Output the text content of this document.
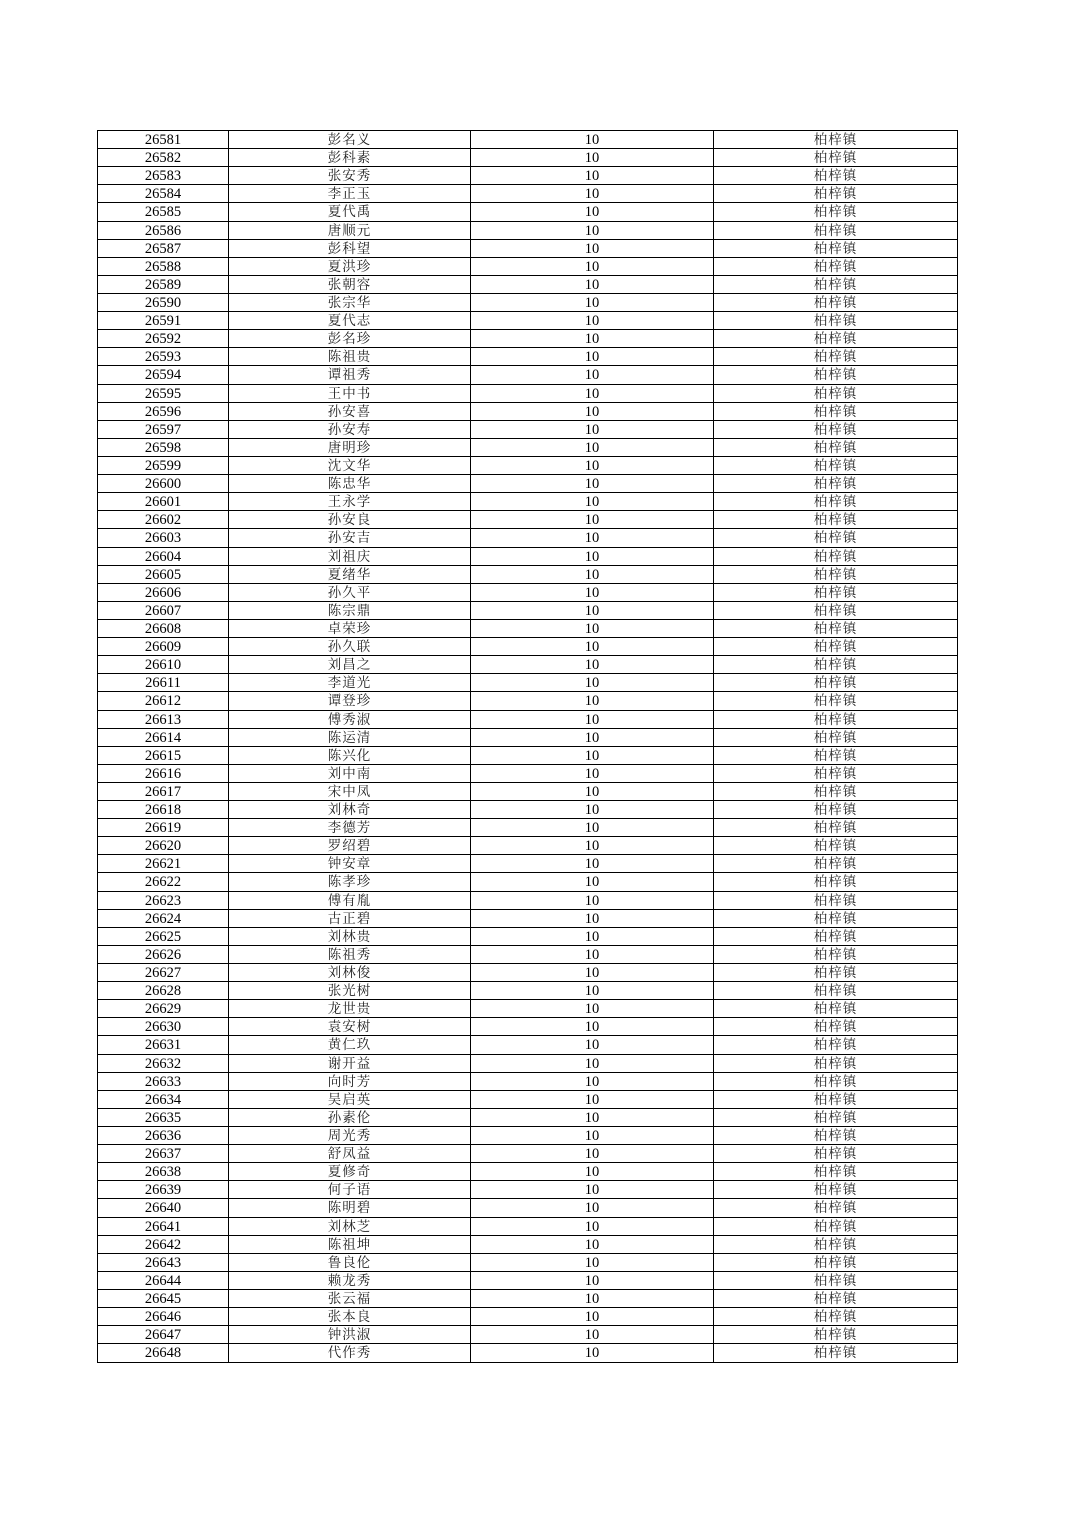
26581	彭名义	10	柏梓镇
26582	彭科素	10	柏梓镇
26583	张安秀	10	柏梓镇
26584	李正玉	10	柏梓镇
26585	夏代禹	10	柏梓镇
26586	唐顺元	10	柏梓镇
26587	彭科望	10	柏梓镇
26588	夏洪珍	10	柏梓镇
26589	张朝容	10	柏梓镇
26590	张宗华	10	柏梓镇
26591	夏代志	10	柏梓镇
26592	彭名珍	10	柏梓镇
26593	陈祖贵	10	柏梓镇
26594	谭祖秀	10	柏梓镇
26595	王中书	10	柏梓镇
26596	孙安喜	10	柏梓镇
26597	孙安寿	10	柏梓镇
26598	唐明珍	10	柏梓镇
26599	沈文华	10	柏梓镇
26600	陈忠华	10	柏梓镇
26601	王永学	10	柏梓镇
26602	孙安良	10	柏梓镇
26603	孙安吉	10	柏梓镇
26604	刘祖庆	10	柏梓镇
26605	夏绪华	10	柏梓镇
26606	孙久平	10	柏梓镇
26607	陈宗鼎	10	柏梓镇
26608	卓荣珍	10	柏梓镇
26609	孙久联	10	柏梓镇
26610	刘昌之	10	柏梓镇
26611	李道光	10	柏梓镇
26612	谭登珍	10	柏梓镇
26613	傅秀淑	10	柏梓镇
26614	陈运清	10	柏梓镇
26615	陈兴化	10	柏梓镇
26616	刘中南	10	柏梓镇
26617	宋中凤	10	柏梓镇
26618	刘林奇	10	柏梓镇
26619	李德芳	10	柏梓镇
26620	罗绍碧	10	柏梓镇
26621	钟安章	10	柏梓镇
26622	陈孝珍	10	柏梓镇
26623	傅有胤	10	柏梓镇
26624	古正碧	10	柏梓镇
26625	刘林贵	10	柏梓镇
26626	陈祖秀	10	柏梓镇
26627	刘林俊	10	柏梓镇
26628	张光树	10	柏梓镇
26629	龙世贵	10	柏梓镇
26630	袁安树	10	柏梓镇
26631	黄仁玖	10	柏梓镇
26632	谢开益	10	柏梓镇
26633	向时芳	10	柏梓镇
26634	吴启英	10	柏梓镇
26635	孙素伦	10	柏梓镇
26636	周光秀	10	柏梓镇
26637	舒凤益	10	柏梓镇
26638	夏修奇	10	柏梓镇
26639	何子语	10	柏梓镇
26640	陈明碧	10	柏梓镇
26641	刘林芝	10	柏梓镇
26642	陈祖坤	10	柏梓镇
26643	鲁良伦	10	柏梓镇
26644	赖龙秀	10	柏梓镇
26645	张云福	10	柏梓镇
26646	张本良	10	柏梓镇
26647	钟洪淑	10	柏梓镇
26648	代作秀	10	柏梓镇
